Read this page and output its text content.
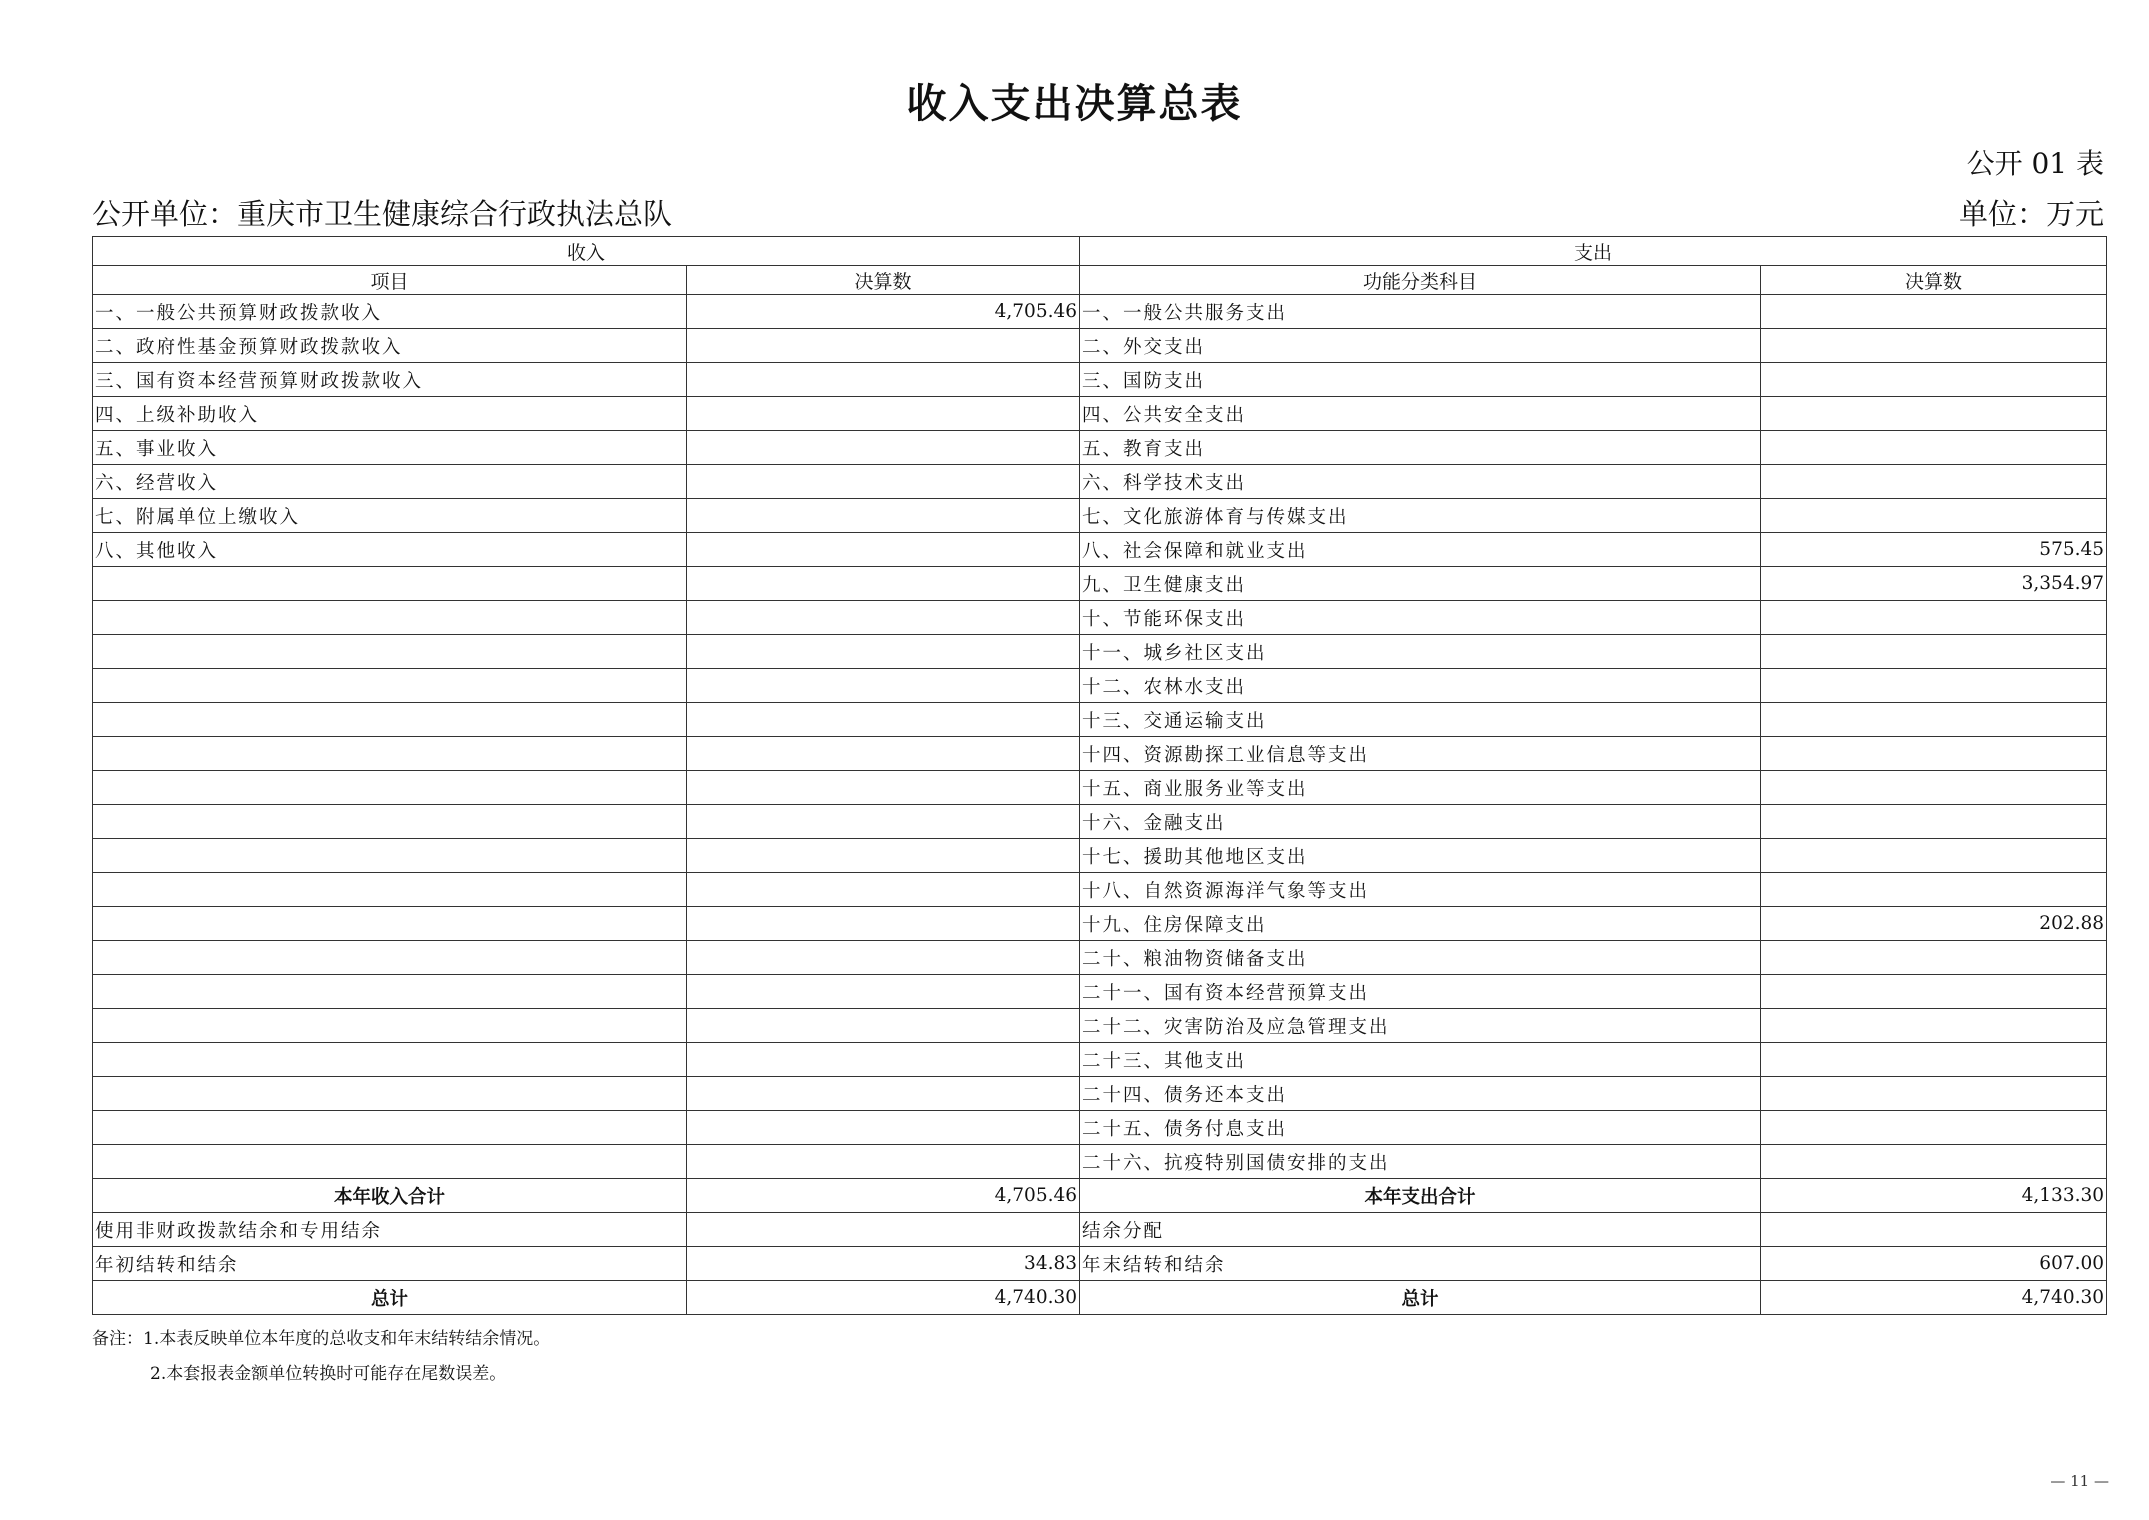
收入支出决算总表
公开 01 表
公开单位：重庆市卫生健康综合行政执法总队	单位：万元
收入		支出	
项目	决算数	功能分类科目	决算数
一、一般公共预算财政拨款收入	4,705.46	一、一般公共服务支出	
二、政府性基金预算财政拨款收入		二、外交支出	
三、国有资本经营预算财政拨款收入		三、国防支出	
四、上级补助收入		四、公共安全支出	
五、事业收入		五、教育支出	
六、经营收入		六、科学技术支出	
七、附属单位上缴收入		七、文化旅游体育与传媒支出	
八、其他收入		八、社会保障和就业支出	575.45
		九、卫生健康支出	3,354.97
		十、节能环保支出	
		十一、城乡社区支出	
		十二、农林水支出	
		十三、交通运输支出	
		十四、资源勘探工业信息等支出	
		十五、商业服务业等支出	
		十六、金融支出	
		十七、援助其他地区支出	
		十八、自然资源海洋气象等支出	
		十九、住房保障支出	202.88
		二十、粮油物资储备支出	
		二十一、国有资本经营预算支出	
		二十二、灾害防治及应急管理支出	
		二十三、其他支出	
		二十四、债务还本支出	
		二十五、债务付息支出	
		二十六、抗疫特别国债安排的支出	
本年收入合计	4,705.46	本年支出合计	4,133.30
使用非财政拨款结余和专用结余		结余分配	
年初结转和结余	34.83	年末结转和结余	607.00
总计	4,740.30	总计	4,740.30
备注：1.本表反映单位本年度的总收支和年末结转结余情况。
2.本套报表金额单位转换时可能存在尾数误差。
— 11 —
